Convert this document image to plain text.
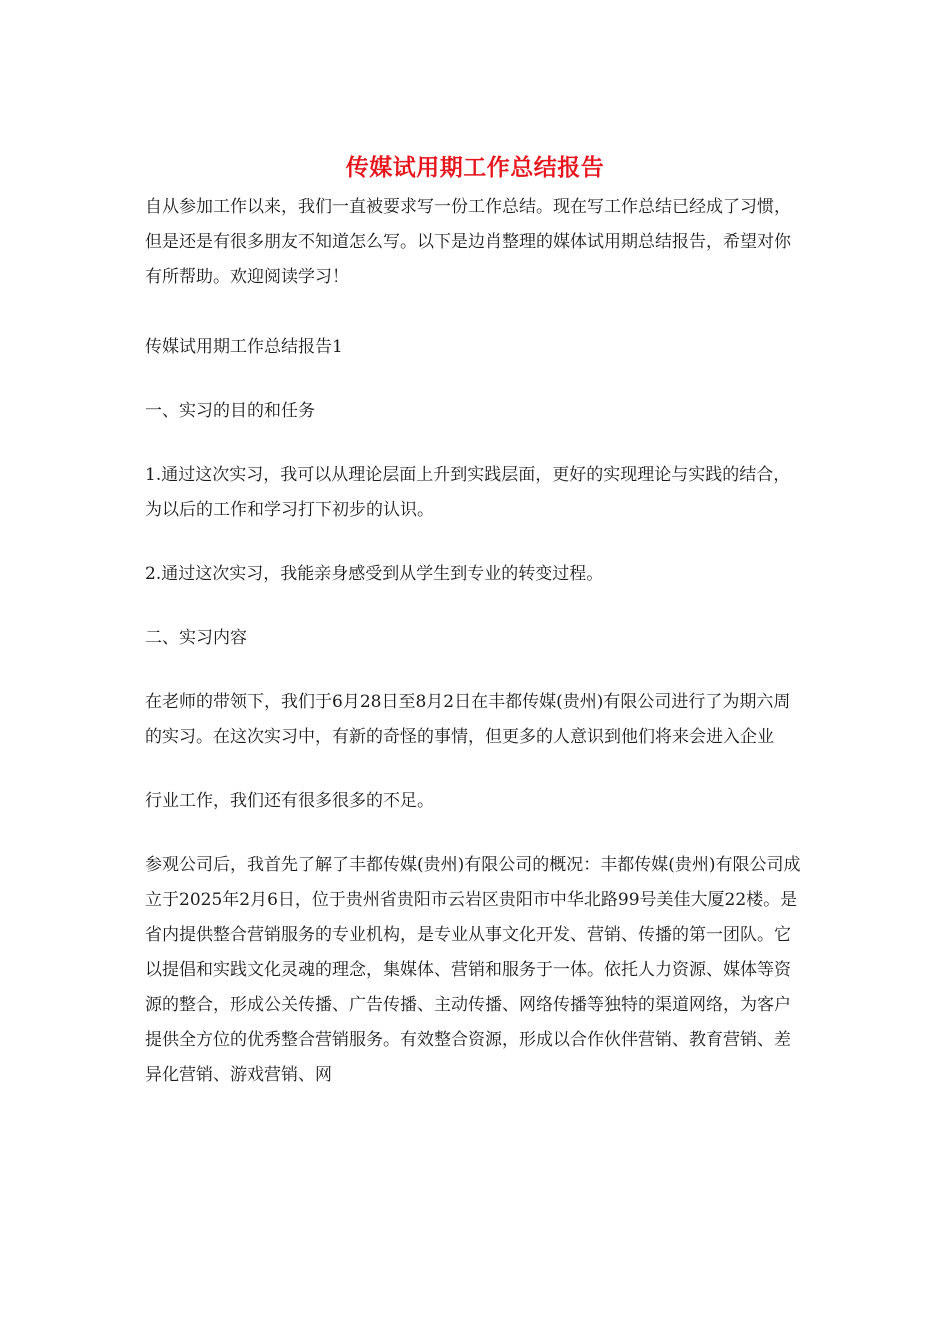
传媒试用期工作总结报告

自从参加工作以来，我们一直被要求写一份工作总结。现在写工作总结已经成了习惯，但是还是有很多朋友不知道怎么写。以下是边肖整理的媒体试用期总结报告，希望对你有所帮助。欢迎阅读学习！

传媒试用期工作总结报告1

一、实习的目的和任务

1.通过这次实习，我可以从理论层面上升到实践层面，更好的实现理论与实践的结合，为以后的工作和学习打下初步的认识。

2.通过这次实习，我能亲身感受到从学生到专业的转变过程。

二、实习内容

在老师的带领下，我们于6月28日至8月2日在丰都传媒(贵州)有限公司进行了为期六周的实习。在这次实习中，有新的奇怪的事情，但更多的人意识到他们将来会进入企业

行业工作，我们还有很多很多的不足。

参观公司后，我首先了解了丰都传媒(贵州)有限公司的概况：丰都传媒(贵州)有限公司成立于2025年2月6日，位于贵州省贵阳市云岩区贵阳市中华北路99号美佳大厦22楼。是省内提供整合营销服务的专业机构，是专业从事文化开发、营销、传播的第一团队。它以提倡和实践文化灵魂的理念，集媒体、营销和服务于一体。依托人力资源、媒体等资源的整合，形成公关传播、广告传播、主动传播、网络传播等独特的渠道网络，为客户提供全方位的优秀整合营销服务。有效整合资源，形成以合作伙伴营销、教育营销、差异化营销、游戏营销、网
